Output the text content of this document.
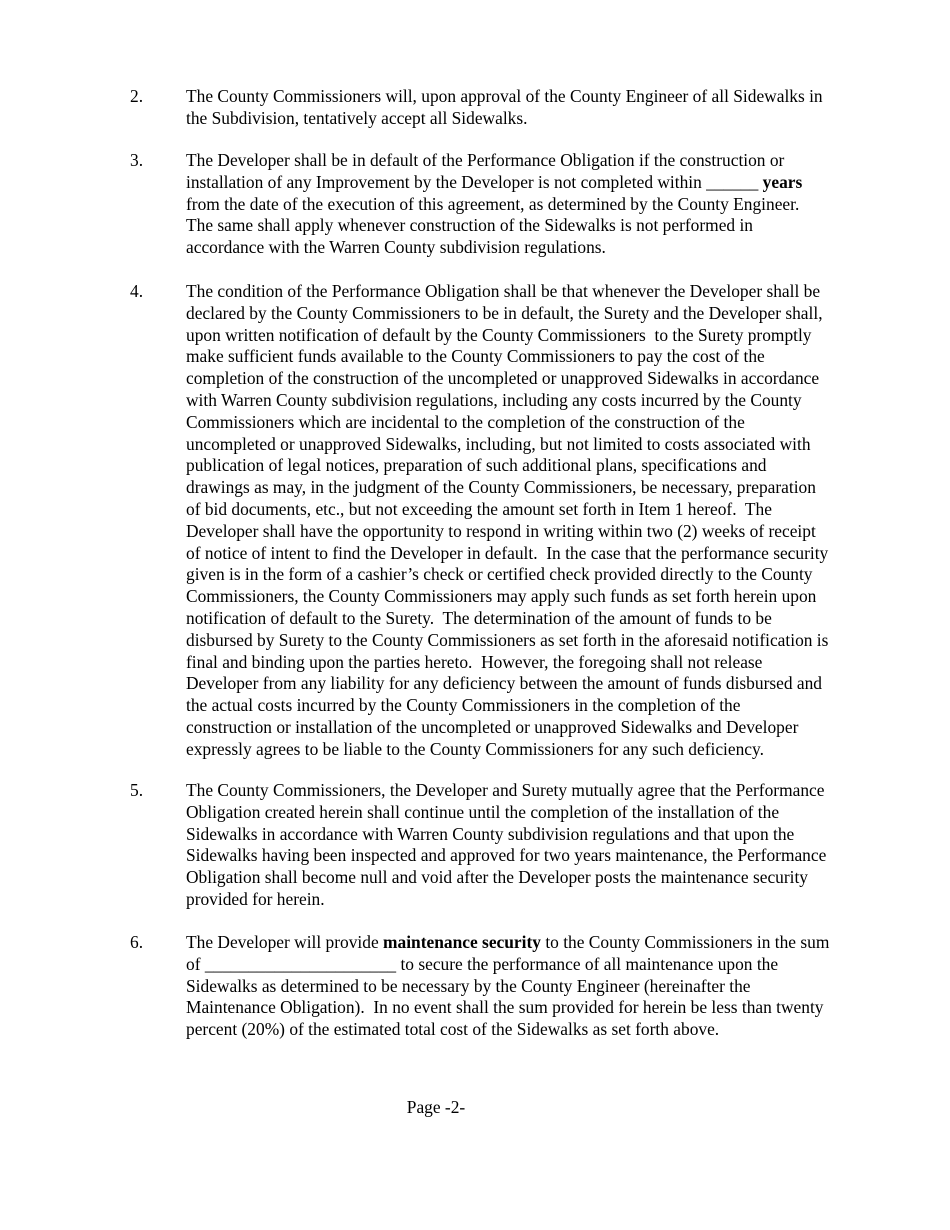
2.	The County Commissioners will, upon approval of the County Engineer of all Sidewalks in
the Subdivision, tentatively accept all Sidewalks.
3.	The Developer shall be in default of the Performance Obligation if the construction or
installation of any Improvement by the Developer is not completed within ______ years
from the date of the execution of this agreement, as determined by the County Engineer.
The same shall apply whenever construction of the Sidewalks is not performed in
accordance with the Warren County subdivision regulations.
4.	The condition of the Performance Obligation shall be that whenever the Developer shall be
declared by the County Commissioners to be in default, the Surety and the Developer shall,
upon written notification of default by the County Commissioners  to the Surety promptly
make sufficient funds available to the County Commissioners to pay the cost of the
completion of the construction of the uncompleted or unapproved Sidewalks in accordance
with Warren County subdivision regulations, including any costs incurred by the County
Commissioners which are incidental to the completion of the construction of the
uncompleted or unapproved Sidewalks, including, but not limited to costs associated with
publication of legal notices, preparation of such additional plans, specifications and
drawings as may, in the judgment of the County Commissioners, be necessary, preparation
of bid documents, etc., but not exceeding the amount set forth in Item 1 hereof.  The
Developer shall have the opportunity to respond in writing within two (2) weeks of receipt
of notice of intent to find the Developer in default.  In the case that the performance security
given is in the form of a cashier’s check or certified check provided directly to the County
Commissioners, the County Commissioners may apply such funds as set forth herein upon
notification of default to the Surety.  The determination of the amount of funds to be
disbursed by Surety to the County Commissioners as set forth in the aforesaid notification is
final and binding upon the parties hereto.  However, the foregoing shall not release
Developer from any liability for any deficiency between the amount of funds disbursed and
the actual costs incurred by the County Commissioners in the completion of the
construction or installation of the uncompleted or unapproved Sidewalks and Developer
expressly agrees to be liable to the County Commissioners for any such deficiency.
5.	The County Commissioners, the Developer and Surety mutually agree that the Performance
Obligation created herein shall continue until the completion of the installation of the
Sidewalks in accordance with Warren County subdivision regulations and that upon the
Sidewalks having been inspected and approved for two years maintenance, the Performance
Obligation shall become null and void after the Developer posts the maintenance security
provided for herein.
6.	The Developer will provide maintenance security to the County Commissioners in the sum
of ______________________ to secure the performance of all maintenance upon the
Sidewalks as determined to be necessary by the County Engineer (hereinafter the
Maintenance Obligation).  In no event shall the sum provided for herein be less than twenty
percent (20%) of the estimated total cost of the Sidewalks as set forth above.
Page -2-
